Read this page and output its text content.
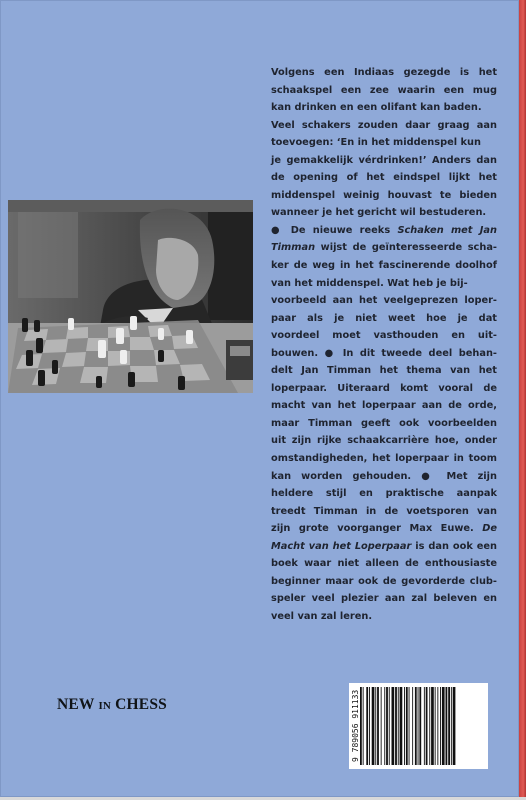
Volgens een Indiaas gezegde is het
schaakspel een zee waarin een mug
kan drinken en een olifant kan baden.
Veel schakers zouden daar graag aan
toevoegen: ‘En in het middenspel kun
je gemakkelijk vérdrinken!’ Anders dan
de opening of het eindspel lijkt het
middenspel weinig houvast te bieden
wanneer je het gericht wil bestuderen.
● De nieuwe reeks Schaken met Jan
Timman wijst de geïnteresseerde scha-
ker de weg in het fascinerende doolhof
van het middenspel. Wat heb je bij-
voorbeeld aan het veelgeprezen loper-
paar als je niet weet hoe je dat
voordeel moet vasthouden en uit-
bouwen. ● In dit tweede deel behan-
delt Jan Timman het thema van het
loperpaar. Uiteraard komt vooral de
macht van het loperpaar aan de orde,
maar Timman geeft ook voorbeelden
uit zijn rijke schaakcarrière hoe, onder
omstandigheden, het loperpaar in toom
kan worden gehouden. ● Met zijn
heldere stijl en praktische aanpak
treedt Timman in de voetsporen van
zijn grote voorganger Max Euwe. De
Macht van het Loperpaar is dan ook een
boek waar niet alleen de enthousiaste
beginner maar ook de gevorderde club-
speler veel plezier aan zal beleven en
veel van zal leren.
NEW IN CHESS	9 789056 911133
